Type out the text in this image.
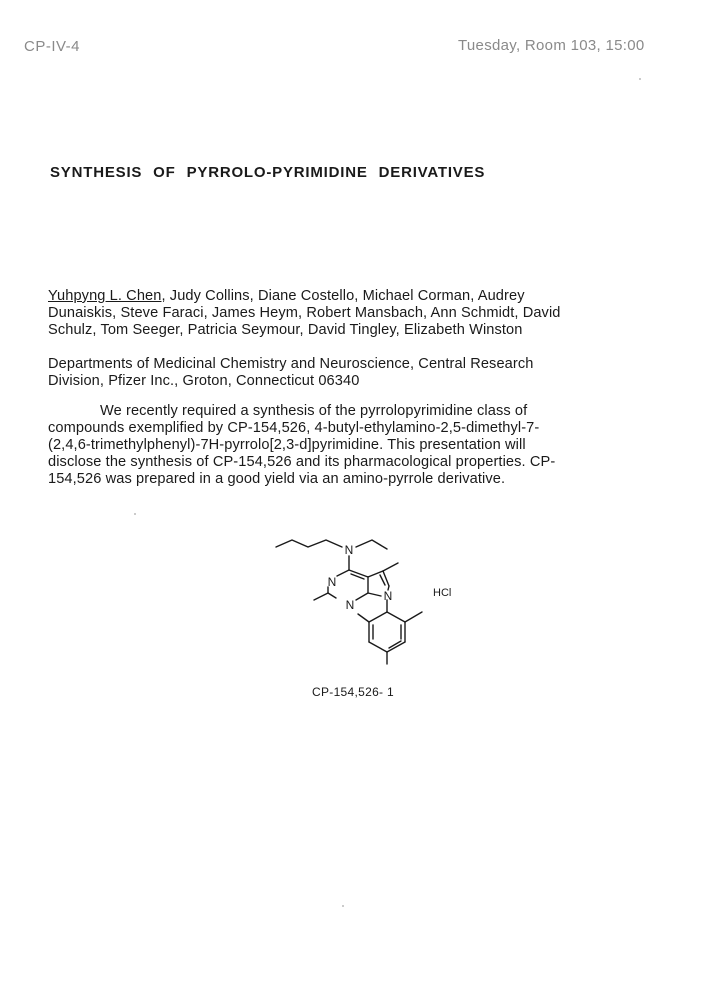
CP-IV-4	Tuesday, Room 103, 15:00
SYNTHESIS OF PYRROLO-PYRIMIDINE DERIVATIVES
Yuhpyng L. Chen, Judy Collins, Diane Costello, Michael Corman, Audrey
Dunaiskis, Steve Faraci, James Heym, Robert Mansbach, Ann Schmidt, David
Schulz, Tom Seeger, Patricia Seymour, David Tingley, Elizabeth Winston
Departments of Medicinal Chemistry and Neuroscience, Central Research
Division, Pfizer Inc., Groton, Connecticut 06340
We recently required a synthesis of the pyrrolopyrimidine class of
compounds exemplified by CP-154,526, 4-butyl-ethylamino-2,5-dimethyl-7-
(2,4,6-trimethylphenyl)-7H-pyrrolo[2,3-d]pyrimidine. This presentation will
disclose the synthesis of CP-154,526 and its pharmacological properties. CP-
154,526 was prepared in a good yield via an amino-pyrrole derivative.
N
N
N
N	HCl
CP-154,526- 1
